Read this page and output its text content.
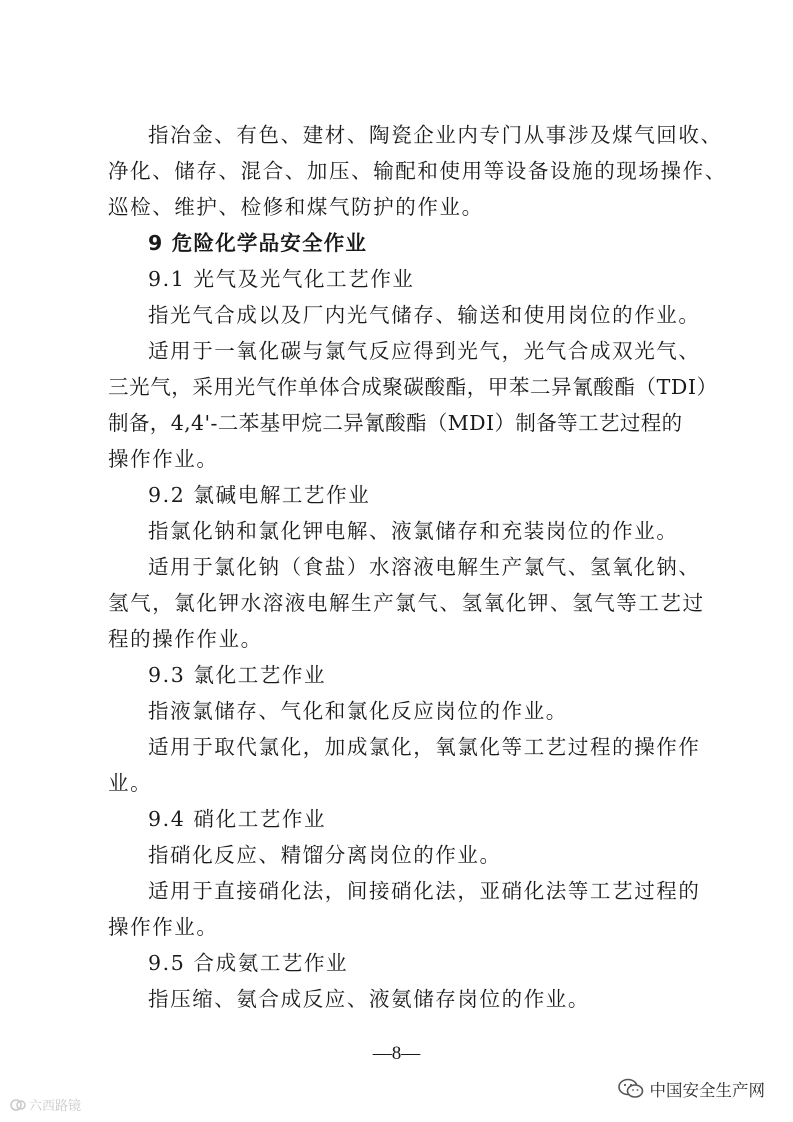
指冶金、有色、建材、陶瓷企业内专门从事涉及煤气回收、
净化、储存、混合、加压、输配和使用等设备设施的现场操作、
巡检、维护、检修和煤气防护的作业。
9 危险化学品安全作业
9.1 光气及光气化工艺作业
指光气合成以及厂内光气储存、输送和使用岗位的作业。
适用于一氧化碳与氯气反应得到光气，光气合成双光气、
三光气，采用光气作单体合成聚碳酸酯，甲苯二异氰酸酯（TDI）
制备，4,4'-二苯基甲烷二异氰酸酯（MDI）制备等工艺过程的
操作作业。
9.2 氯碱电解工艺作业
指氯化钠和氯化钾电解、液氯储存和充装岗位的作业。
适用于氯化钠（食盐）水溶液电解生产氯气、氢氧化钠、
氢气，氯化钾水溶液电解生产氯气、氢氧化钾、氢气等工艺过
程的操作作业。
9.3 氯化工艺作业
指液氯储存、气化和氯化反应岗位的作业。
适用于取代氯化，加成氯化，氧氯化等工艺过程的操作作
业。
9.4 硝化工艺作业
指硝化反应、精馏分离岗位的作业。
适用于直接硝化法，间接硝化法，亚硝化法等工艺过程的
操作作业。
9.5 合成氨工艺作业
指压缩、氨合成反应、液氨储存岗位的作业。
—8—
六西路镜
中国安全生产网
